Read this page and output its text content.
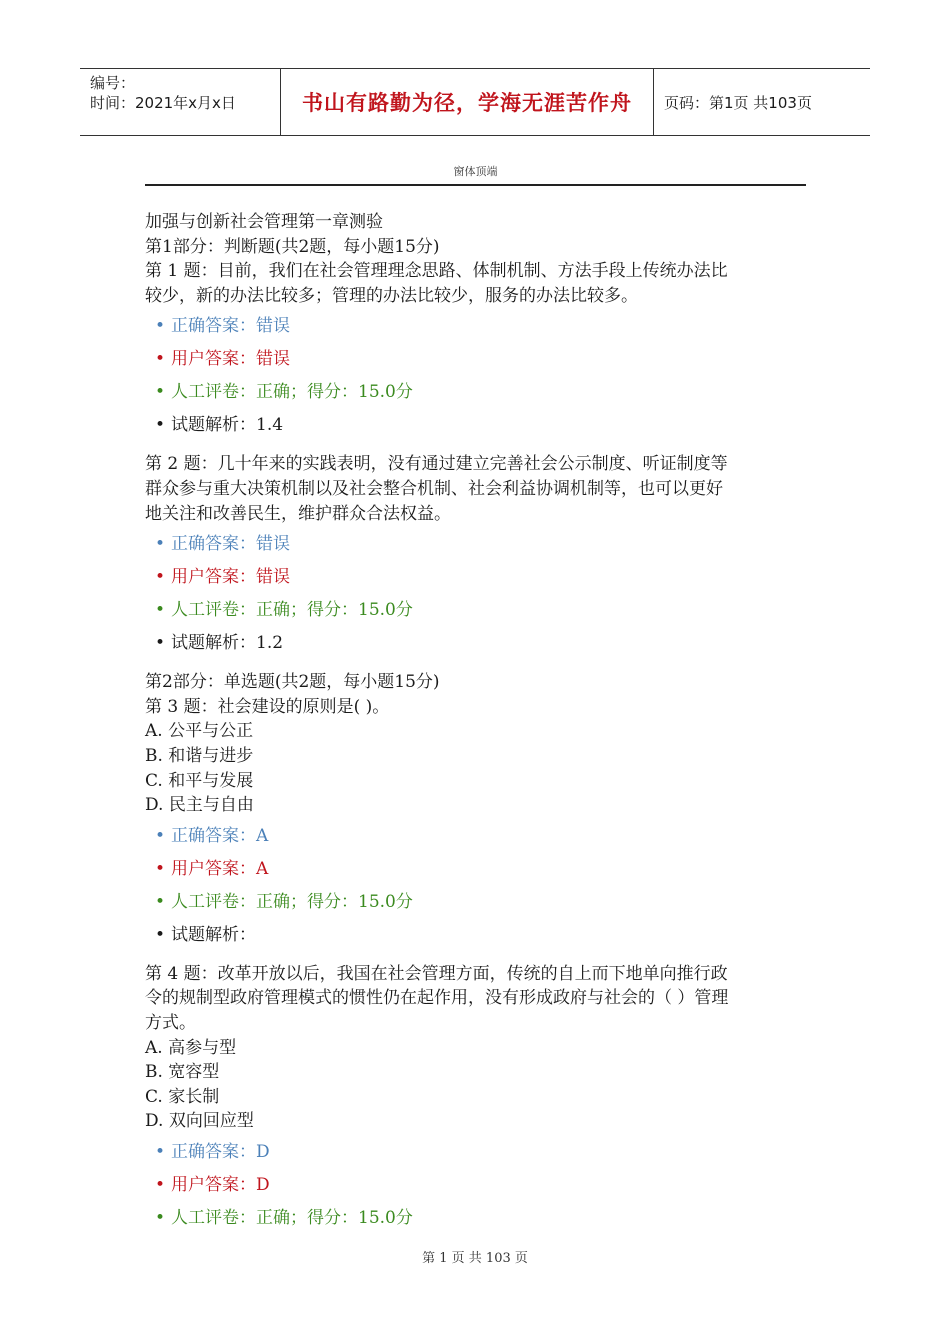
编号：
时间：2021年x月x日	书山有路勤为径，学海无涯苦作舟	页码：第1页 共103页
窗体顶端
加强与创新社会管理第一章测验
第1部分：判断题(共2题，每小题15分)
第 1 题：目前，我们在社会管理理念思路、体制机制、方法手段上传统办法比
较少，新的办法比较多；管理的办法比较少，服务的办法比较多。
• 正确答案：错误
• 用户答案：错误
• 人工评卷：正确；得分：15.0分
• 试题解析：1.4
第 2 题：几十年来的实践表明，没有通过建立完善社会公示制度、听证制度等
群众参与重大决策机制以及社会整合机制、社会利益协调机制等，也可以更好
地关注和改善民生，维护群众合法权益。
• 正确答案：错误
• 用户答案：错误
• 人工评卷：正确；得分：15.0分
• 试题解析：1.2
第2部分：单选题(共2题，每小题15分)
第 3 题：社会建设的原则是( )。
A. 公平与公正
B. 和谐与进步
C. 和平与发展
D. 民主与自由
• 正确答案：A
• 用户答案：A
• 人工评卷：正确；得分：15.0分
• 试题解析：
第 4 题：改革开放以后，我国在社会管理方面，传统的自上而下地单向推行政
令的规制型政府管理模式的惯性仍在起作用，没有形成政府与社会的（ ）管理
方式。
A. 高参与型
B. 宽容型
C. 家长制
D. 双向回应型
• 正确答案：D
• 用户答案：D
• 人工评卷：正确；得分：15.0分
第 1 页 共 103 页
